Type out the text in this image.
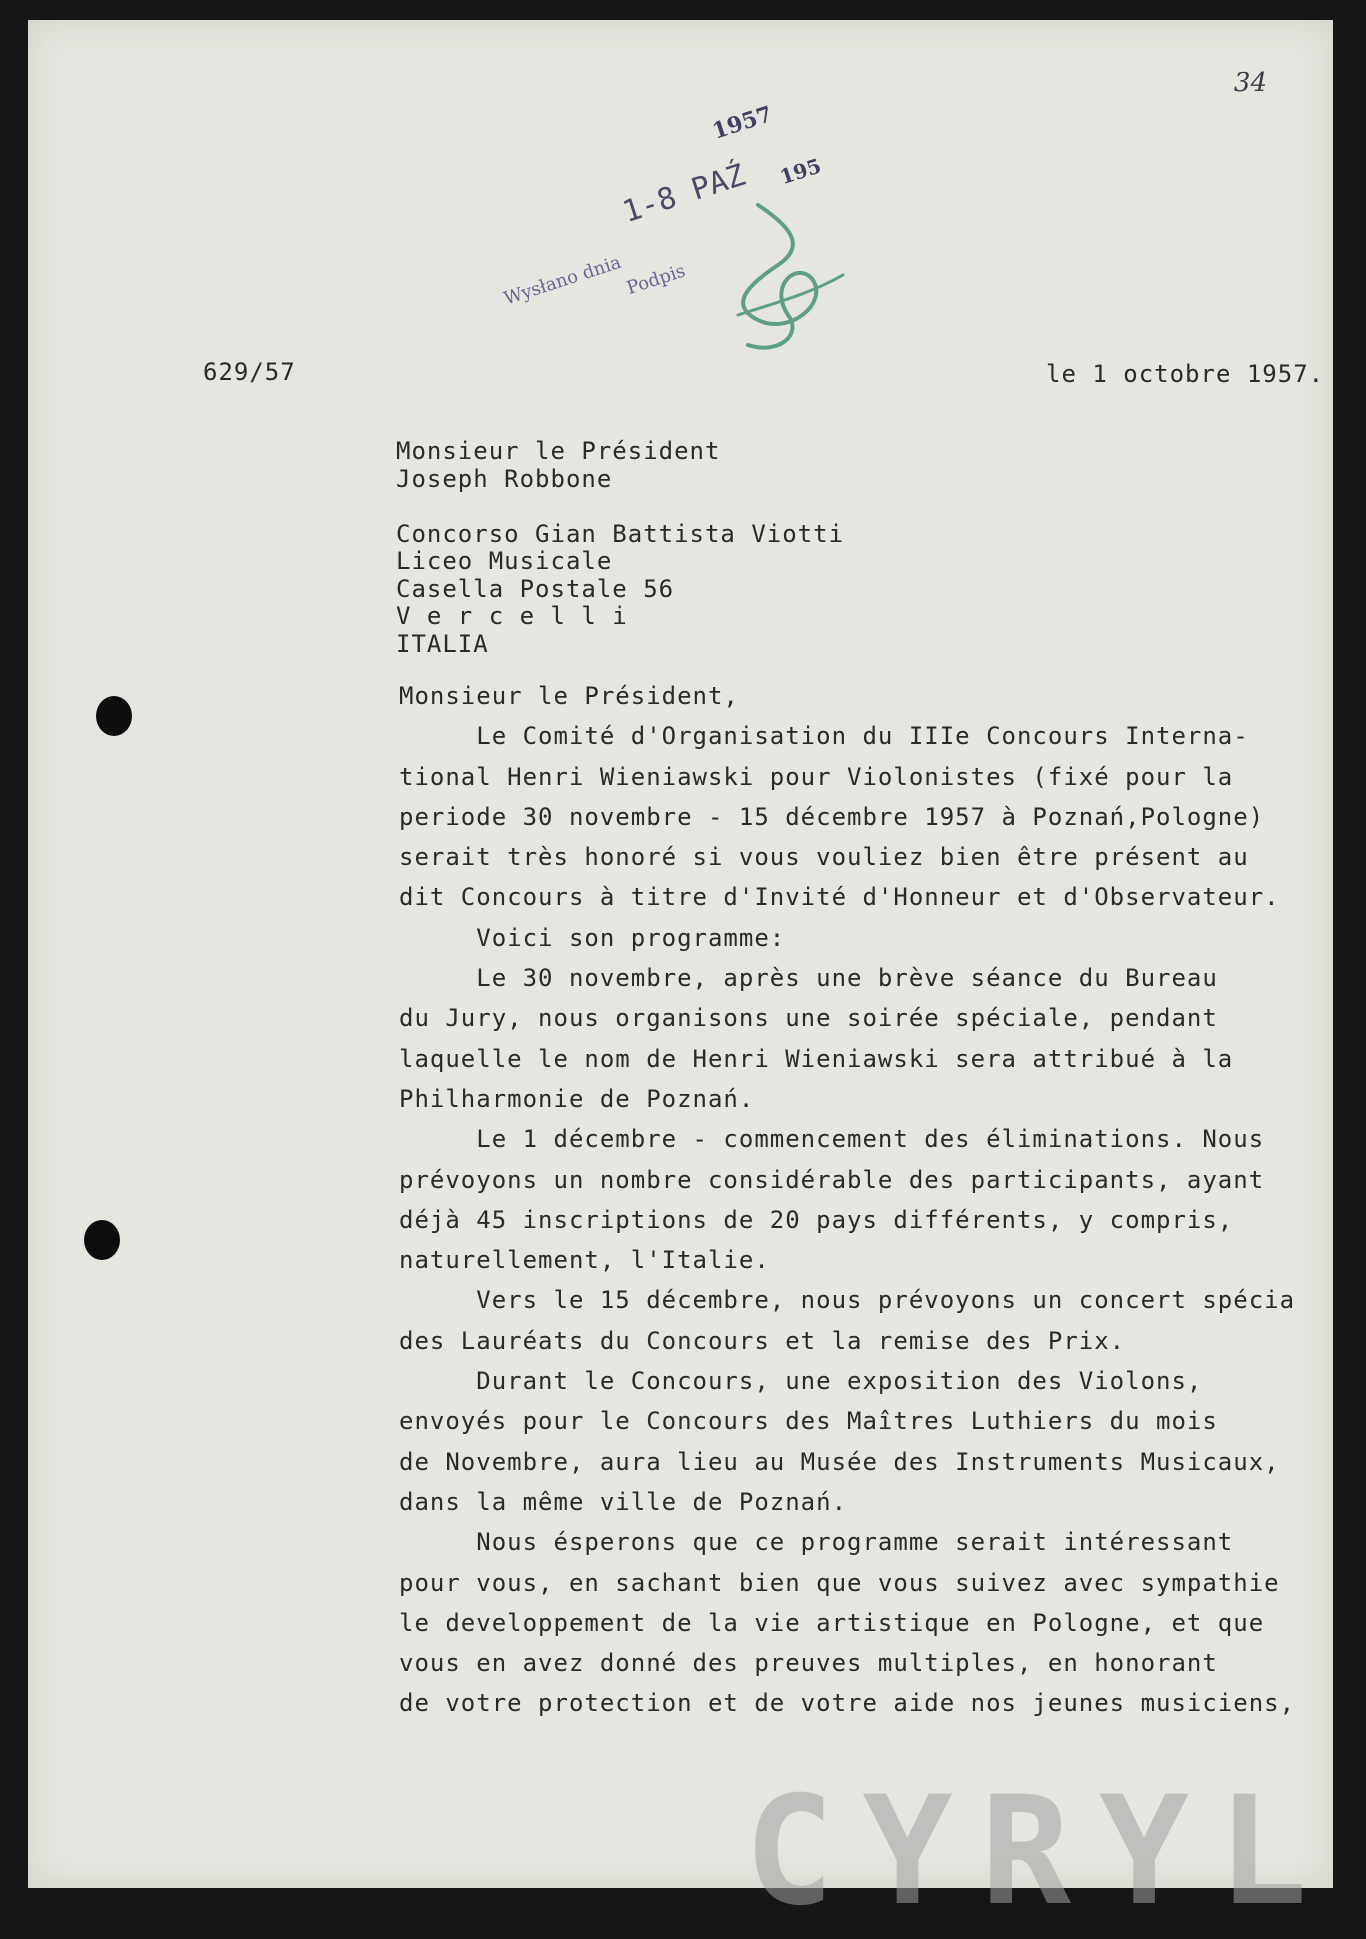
34
Wysłano dnia Podpis
1-8 PAŹ
1957
195
629/57	le 1 octobre 1957.
Monsieur le Président
Joseph Robbone

Concorso Gian Battista Viotti
Liceo Musicale
Casella Postale 56
V e r c e l l i
ITALIA
Monsieur le Président,
Le Comité d'Organisation du IIIe Concours Interna-
tional Henri Wieniawski pour Violonistes (fixé pour la
periode 30 novembre - 15 décembre 1957 à Poznań,Pologne)
serait très honoré si vous vouliez bien être présent au
dit Concours à titre d'Invité d'Honneur et d'Observateur.
Voici son programme:
Le 30 novembre, après une brève séance du Bureau
du Jury, nous organisons une soirée spéciale, pendant
laquelle le nom de Henri Wieniawski sera attribué à la
Philharmonie de Poznań.
Le 1 décembre - commencement des éliminations. Nous
prévoyons un nombre considérable des participants, ayant
déjà 45 inscriptions de 20 pays différents, y compris,
naturellement, l'Italie.
Vers le 15 décembre, nous prévoyons un concert spécia
des Lauréats du Concours et la remise des Prix.
Durant le Concours, une exposition des Violons,
envoyés pour le Concours des Maîtres Luthiers du mois
de Novembre, aura lieu au Musée des Instruments Musicaux,
dans la même ville de Poznań.
Nous ésperons que ce programme serait intéressant
pour vous, en sachant bien que vous suivez avec sympathie
le developpement de la vie artistique en Pologne, et que
vous en avez donné des preuves multiples, en honorant
de votre protection et de votre aide nos jeunes musiciens,
CYRYL
